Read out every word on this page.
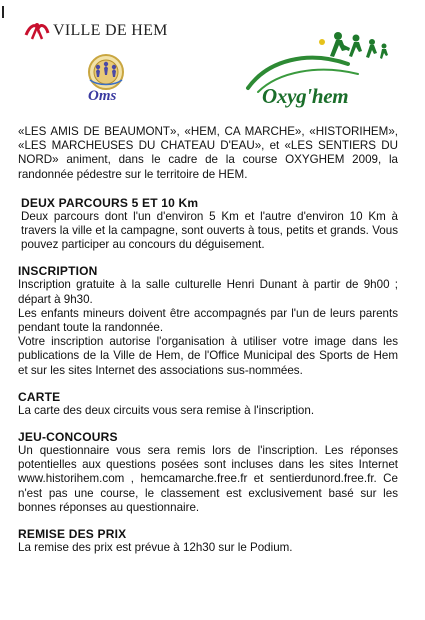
VILLE DE HEM
Oms	Oxyg'hem

«LES AMIS DE BEAUMONT», «HEM, CA MARCHE», «HISTORIHEM», «LES MARCHEUSES DU CHATEAU D'EAU», et «LES SENTIERS DU NORD» animent, dans le cadre de la course OXYGHEM 2009, la randonnée pédestre sur le territoire de HEM.

DEUX PARCOURS 5 ET 10 Km

Deux parcours dont l'un d'environ 5 Km et l'autre d'environ 10 Km à travers la ville et la campagne, sont ouverts à tous, petits et grands. Vous pouvez participer au concours du déguisement.

INSCRIPTION

Inscription gratuite à la salle culturelle Henri Dunant à partir de 9h00 ; départ à 9h30.

Les enfants mineurs doivent être accompagnés par l'un de leurs parents pendant toute la randonnée.

Votre inscription autorise l'organisation à utiliser votre image dans les publications de la Ville de Hem, de l'Office Municipal des Sports de Hem et sur les sites Internet des associations sus-nommées.

CARTE

La carte des deux circuits vous sera remise à l'inscription.

JEU-CONCOURS

Un questionnaire vous sera remis lors de l'inscription. Les réponses potentielles aux questions posées sont incluses dans les sites Internet www.historihem.com , hemcamarche.free.fr et sentierdunord.free.fr. Ce n'est pas une course, le classement est exclusivement basé sur les bonnes réponses au questionnaire.

REMISE DES PRIX

La remise des prix est prévue à 12h30 sur le Podium.
